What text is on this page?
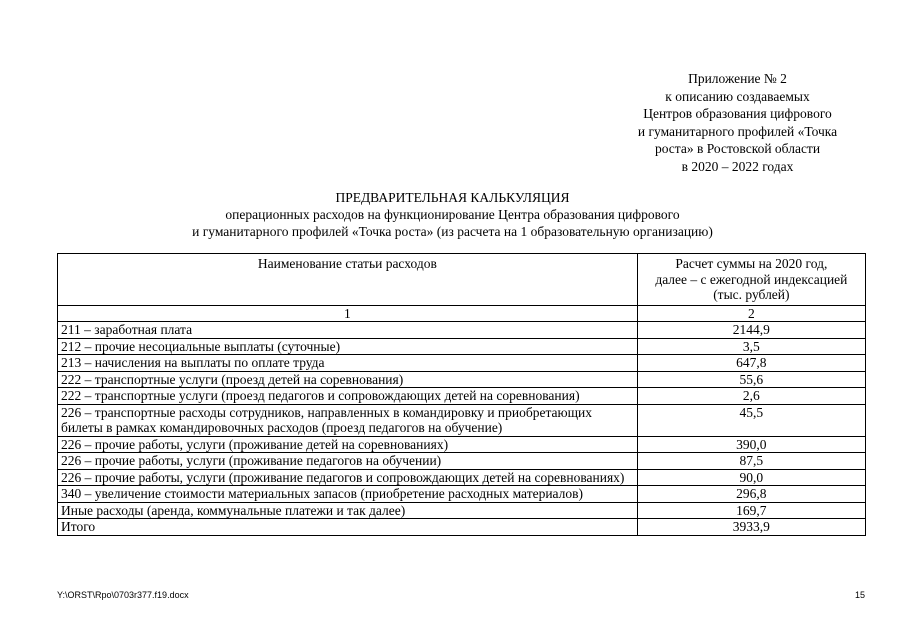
Приложение № 2
к описанию создаваемых
Центров образования цифрового
и гуманитарного профилей «Точка
роста» в Ростовской области
в 2020 – 2022 годах
ПРЕДВАРИТЕЛЬНАЯ КАЛЬКУЛЯЦИЯ
операционных расходов на функционирование Центра образования цифрового
и гуманитарного профилей «Точка роста» (из расчета на 1 образовательную организацию)
Наименование статьи расходов	Расчет суммы на 2020 год,
далее – с ежегодной индексацией
(тыс. рублей)

1	2
211 – заработная плата	2144,9
212 – прочие несоциальные выплаты (суточные)	3,5
213 – начисления на выплаты по оплате труда	647,8
222 – транспортные услуги (проезд детей на соревнования)	55,6
222 – транспортные услуги (проезд педагогов и сопровождающих детей на соревнования)	2,6
226 – транспортные расходы сотрудников, направленных в командировку и приобретающих билеты в рамках командировочных расходов (проезд педагогов на обучение)	45,5
226 – прочие работы, услуги (проживание детей на соревнованиях)	390,0
226 – прочие работы, услуги (проживание педагогов на обучении)	87,5
226 – прочие работы, услуги (проживание педагогов и сопровождающих детей на соревнованиях)	90,0
340 – увеличение стоимости материальных запасов (приобретение расходных материалов)	296,8
Иные расходы (аренда, коммунальные платежи и так далее)	169,7
Итого	3933,9
Y:\ORST\Rpo\0703r377.f19.docx	15
